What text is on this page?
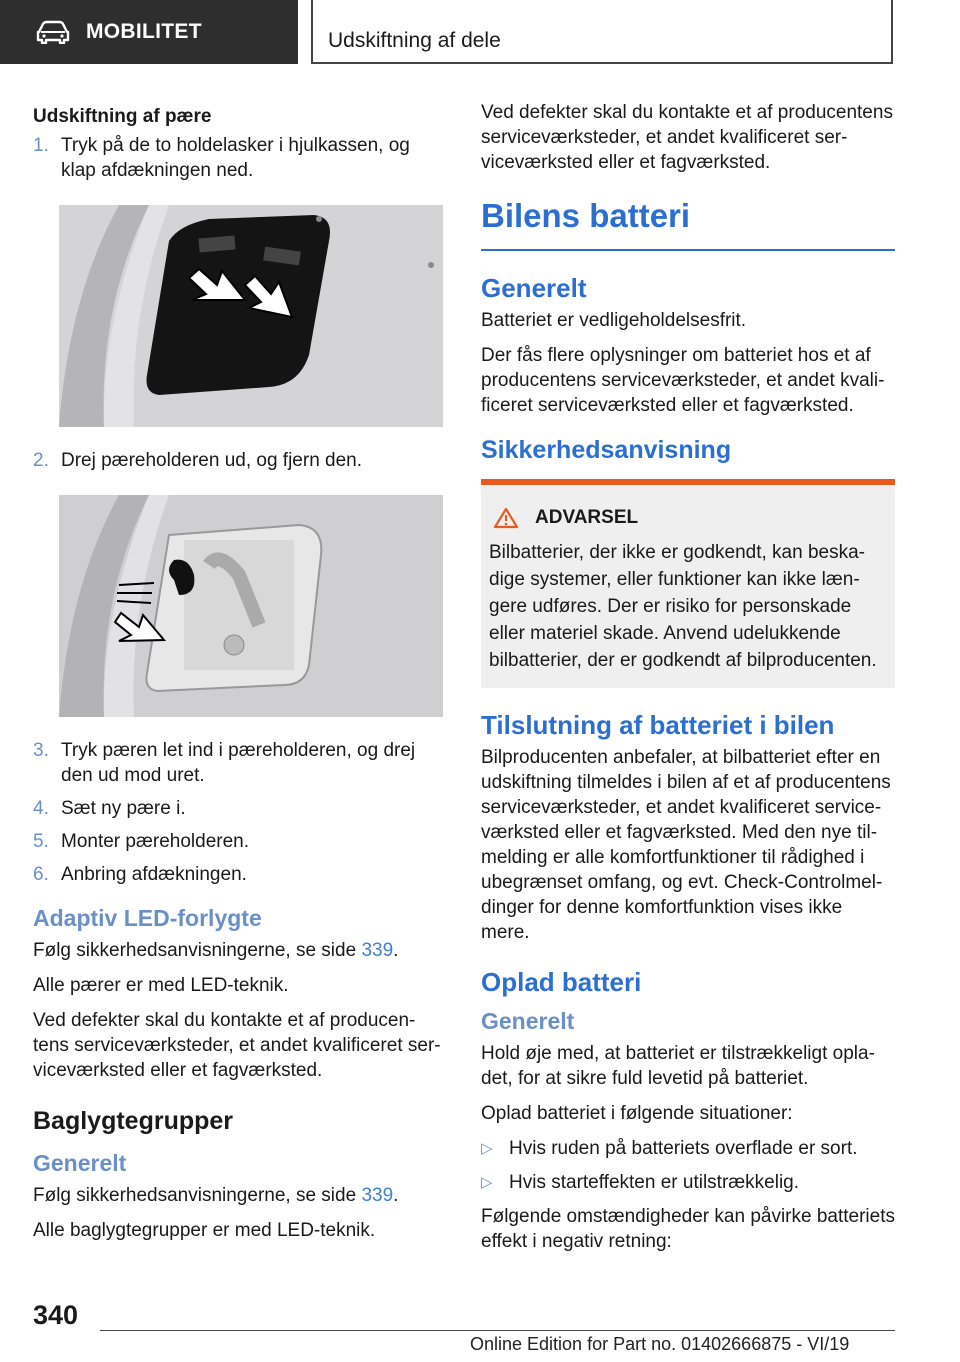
MOBILITET	Udskiftning af dele
Udskiftning af pære
1. Tryk på de to holdelasker i hjulkassen, og klap afdækningen ned.
2. Drej pæreholderen ud, og fjern den.
3. Tryk pæren let ind i pæreholderen, og drej den ud mod uret.
4. Sæt ny pære i.
5. Monter pæreholderen.
6. Anbring afdækningen.
Adaptiv LED-forlygte

Følg sikkerhedsanvisningerne, se side 339.

Alle pærer er med LED-teknik.

Ved defekter skal du kontakte et af producentens serviceværksteder, et andet kvalificeret serviceværksted eller et fagværksted.

Baglygtegrupper
Generelt

Følg sikkerhedsanvisningerne, se side 339.

Alle baglygtegrupper er med LED-teknik.

Ved defekter skal du kontakte et af producentens serviceværksteder, et andet kvalificeret serviceværksted eller et fagværksted.

Bilens batteri
Generelt

Batteriet er vedligeholdelsesfrit.

Der fås flere oplysninger om batteriet hos et af producentens serviceværksteder, et andet kvalificeret serviceværksted eller et fagværksted.

Sikkerhedsanvisning
ADVARSEL

Bilbatterier, der ikke er godkendt, kan beskadige systemer, eller funktioner kan ikke længere udføres. Der er risiko for personskade eller materiel skade. Anvend udelukkende bilbatterier, der er godkendt af bilproducenten.

Tilslutning af batteriet i bilen

Bilproducenten anbefaler, at bilbatteriet efter en udskiftning tilmeldes i bilen af et af producentens serviceværksteder, et andet kvalificeret serviceværksted eller et fagværksted. Med den nye tilmelding er alle komfortfunktioner til rådighed i ubegrænset omfang, og evt. Check-Controlmeldinger for denne komfortfunktion vises ikke mere.

Oplad batteri
Generelt

Hold øje med, at batteriet er tilstrækkeligt opladet, for at sikre fuld levetid på batteriet.

Oplad batteriet i følgende situationer:

▷ Hvis ruden på batteriets overflade er sort.
▷ Hvis starteffekten er utilstrækkelig.

Følgende omstændigheder kan påvirke batteriets effekt i negativ retning:

340
Online Edition for Part no. 01402666875 - VI/19
